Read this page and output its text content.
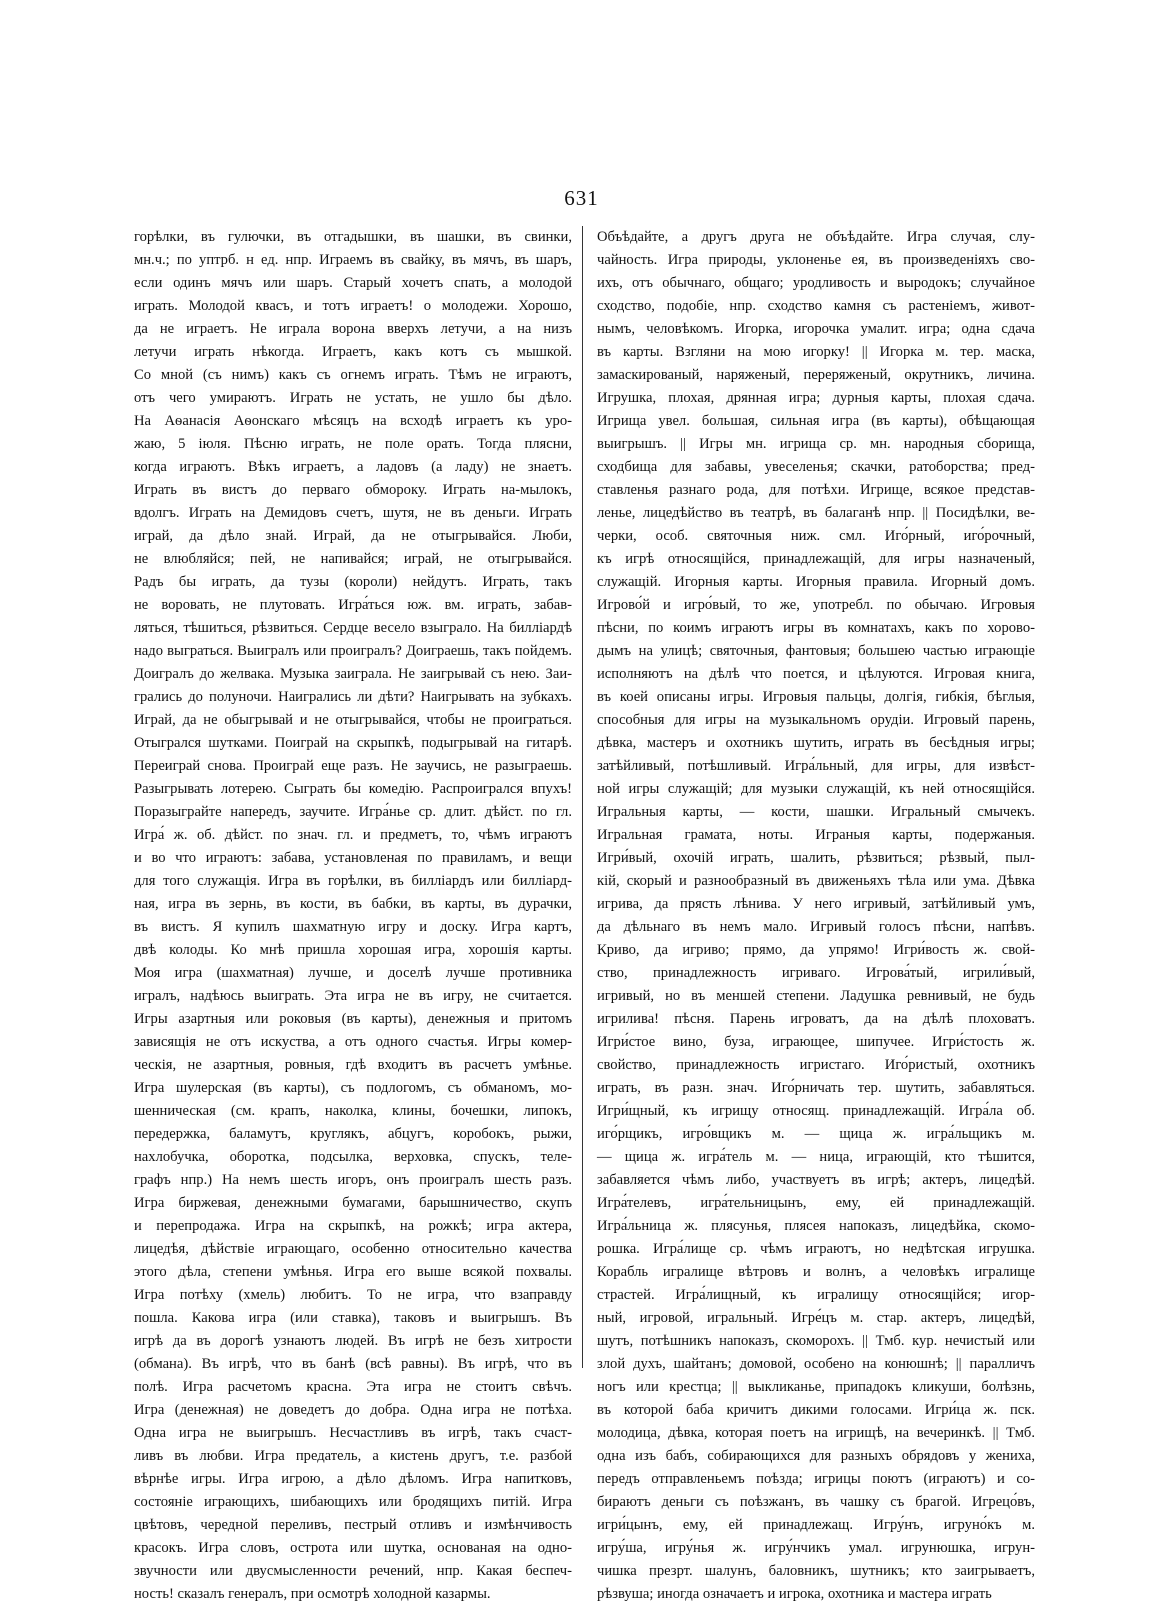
631
горѣлки, въ гулючки, въ отгадышки, въ шашки, въ свинки,
мн.ч.; по уптрб. н ед. нпр. Играемъ въ свайку, въ мячъ, въ шаръ,
если одинъ мячъ или шаръ. Старый хочетъ спать, а молодой
играть. Молодой квасъ, и тотъ играетъ! о молодежи. Хорошо,
да не играетъ. Не играла ворона вверхъ летучи, а на низъ
летучи играть нѣкогда. Играетъ, какъ котъ съ мышкой.
Со мной (съ нимъ) какъ съ огнемъ играть. Тѣмъ не играютъ,
отъ чего умираютъ. Играть не устать, не ушло бы дѣло.
На Аѳанасія Аѳонскаго мѣсяцъ на всходѣ играетъ къ уро-
жаю, 5 іюля. Пѣсню играть, не поле орать. Тогда плясни,
когда играютъ. Вѣкъ играетъ, а ладовъ (а ладу) не знаетъ.
Играть въ вистъ до перваго обмороку. Играть на-мылокъ,
вдолгъ. Играть на Демидовъ счетъ, шутя, не въ деньги. Играть
играй, да дѣло знай. Играй, да не отыгрывайся. Люби,
не влюбляйся; пей, не напивайся; играй, не отыгрывайся.
Радъ бы играть, да тузы (короли) нейдутъ. Играть, такъ
не воровать, не плутовать. Игра́ться юж. вм. играть, забав-
ляться, тѣшиться, рѣзвиться. Сердце весело взыграло. На билліардѣ
надо выграться. Выигралъ или проигралъ? Доиграешь, такъ пойдемъ.
Доигралъ до желвака. Музыка заиграла. Не заигрывай съ нею. Заи-
грались до полуночи. Наигрались ли дѣти? Наигрывать на зубкахъ.
Играй, да не обыгрывай и не отыгрывайся, чтобы не проиграться.
Отыгрался шутками. Поиграй на скрыпкѣ, подыгрывай на гитарѣ.
Переиграй снова. Проиграй еще разъ. Не заучись, не разыграешь.
Разыгрывать лотерею. Сыграть бы комедію. Распроигрался впухъ!
Поразыграйте напередъ, заучите. Игра́нье ср. длит. дѣйст. по гл.
Игра́ ж. об. дѣйст. по знач. гл. и предметъ, то, чѣмъ играютъ
и во что играютъ: забава, установленая по правиламъ, и вещи
для того служащія. Игра въ горѣлки, въ билліардъ или билліард-
ная, игра въ зернь, въ кости, въ бабки, въ карты, въ дурачки,
въ вистъ. Я купилъ шахматную игру и доску. Игра картъ,
двѣ колоды. Ко мнѣ пришла хорошая игра, хорошія карты.
Моя игра (шахматная) лучше, и доселѣ лучше противника
игралъ, надѣюсь выиграть. Эта игра не въ игру, не считается.
Игры азартныя или роковыя (въ карты), денежныя и притомъ
зависящія не отъ искуства, а отъ одного счастья. Игры комер-
ческія, не азартныя, ровныя, гдѣ входитъ въ расчетъ умѣнье.
Игра шулерская (въ карты), съ подлогомъ, съ обманомъ, мо-
шенническая (см. крапъ, наколка, клины, бочешки, липокъ,
передержка, баламутъ, круглякъ, абцугъ, коробокъ, рыжи,
нахлобучка, оборотка, подсылка, верховка, спускъ, теле-
графъ нпр.) На немъ шесть игоръ, онъ проигралъ шесть разъ.
Игра биржевая, денежными бумагами, барышничество, скупъ
и перепродажа. Игра на скрыпкѣ, на рожкѣ; игра актера,
лицедѣя, дѣйствіе играющаго, особенно относительно качества
этого дѣла, степени умѣнья. Игра его выше всякой похвалы.
Игра потѣху (хмель) любитъ. То не игра, что взаправду
пошла. Какова игра (или ставка), таковъ и выигрышъ. Въ
игрѣ да въ дорогѣ узнаютъ людей. Въ игрѣ не безъ хитрости
(обмана). Въ игрѣ, что въ банѣ (всѣ равны). Въ игрѣ, что въ
полѣ. Игра расчетомъ красна. Эта игра не стоитъ свѣчъ.
Игра (денежная) не доведетъ до добра. Одна игра не потѣха.
Одна игра не выигрышъ. Несчастливъ въ игрѣ, такъ счаст-
ливъ въ любви. Игра предатель, а кистень другъ, т.е. разбой
вѣрнѣе игры. Игра игрою, а дѣло дѣломъ. Игра напитковъ,
состояніе играющихъ, шибающихъ или бродящихъ питій. Игра
цвѣтовъ, чередной переливъ, пестрый отливъ и измѣнчивость
красокъ. Игра словъ, острота или шутка, основаная на одно-
звучности или двусмысленности речений, нпр. Какая беспеч-
ность! сказалъ генералъ, при осмотрѣ холодной казармы.
Объѣдайте, а другъ друга не объѣдайте. Игра случая, слу-
чайность. Игра природы, уклоненье ея, въ произведеніяхъ сво-
ихъ, отъ обычнаго, общаго; уродливость и выродокъ; случайное
сходство, подобіе, нпр. сходство камня съ растеніемъ, живот-
нымъ, человѣкомъ. Игорка, игорочка умалит. игра; одна сдача
въ карты. Взгляни на мою игорку! || Игорка м. тер. маска,
замаскированый, наряженый, переряженый, окрутникъ, личина.
Игрушка, плохая, дрянная игра; дурныя карты, плохая сдача.
Игрища увел. большая, сильная игра (въ карты), обѣщающая
выигрышъ. || Игры мн. игрища ср. мн. народныя сборища,
сходбища для забавы, увеселенья; скачки, ратоборства; пред-
ставленья разнаго рода, для потѣхи. Игрище, всякое представ-
ленье, лицедѣйство въ театрѣ, въ балаганѣ нпр. || Посидѣлки, ве-
черки, особ. святочныя ниж. смл. Иго́рный, иго́рочный,
къ игрѣ относящійся, принадлежащій, для игры назначеный,
служащій. Игорныя карты. Игорныя правила. Игорный домъ.
Игрово́й и игро́вый, то же, употребл. по обычаю. Игровыя
пѣсни, по коимъ играютъ игры въ комнатахъ, какъ по хорово-
дымъ на улицѣ; святочныя, фантовыя; большею частью играющіе
исполняютъ на дѣлѣ что поется, и цѣлуются. Игровая книга,
въ коей описаны игры. Игровыя пальцы, долгія, гибкія, бѣглыя,
способныя для игры на музыкальномъ орудіи. Игровый парень,
дѣвка, мастеръ и охотникъ шутить, играть въ бесѣдныя игры;
затѣйливый, потѣшливый. Игра́льный, для игры, для извѣст-
ной игры служащій; для музыки служащій, къ ней относящійся.
Игральныя карты, — кости, шашки. Игральный смычекъ.
Игральная грамата, ноты. Играныя карты, подержаныя.
Игри́вый, охочій играть, шалить, рѣзвиться; рѣзвый, пыл-
кій, скорый и разнообразный въ движеньяхъ тѣла или ума. Дѣвка
игрива, да прясть лѣнива. У него игривый, затѣйливый умъ,
да дѣльнаго въ немъ мало. Игривый голосъ пѣсни, напѣвъ.
Криво, да игриво; прямо, да упрямо! Игри́вость ж. свой-
ство, принадлежность игриваго. Игрова́тый, игрили́вый,
игривый, но въ меншей степени. Ладушка ревнивый, не будь
игрилива! пѣсня. Парень игроватъ, да на дѣлѣ плоховатъ.
Игри́стое вино, буза, играющее, шипучее. Игри́стость ж.
свойство, принадлежность игристаго. Иго́ристый, охотникъ
играть, въ разн. знач. Иго́рничать тер. шутить, забавляться.
Игри́щный, къ игрищу относящ. принадлежащій. Игра́ла об.
иго́рщикъ, игро́вщикъ м. — щица ж. игра́льщикъ м.
— щица ж. игра́тель м. — ница, играющій, кто тѣшится,
забавляется чѣмъ либо, участвуетъ въ игрѣ; актеръ, лицедѣй.
Игра́телевъ, игра́тельницынъ, ему, ей принадлежащій.
Игра́льница ж. плясунья, плясея напоказъ, лицедѣйка, скомо-
рошка. Игра́лище ср. чѣмъ играютъ, но недѣтская игрушка.
Корабль игралище вѣтровъ и волнъ, а человѣкъ игралище
страстей. Игра́лищный, къ игралищу относящійся; игор-
ный, игровой, игральный. Игре́цъ м. стар. актеръ, лицедѣй,
шутъ, потѣшникъ напоказъ, скоморохъ. || Тмб. кур. нечистый или
злой духъ, шайтанъ; домовой, особено на конюшнѣ; || паралличъ
ногъ или крестца; || выкликанье, припадокъ кликуши, болѣзнь,
въ которой баба кричитъ дикими голосами. Игри́ца ж. пск.
молодица, дѣвка, которая поетъ на игрищѣ, на вечеринкѣ. || Тмб.
одна изъ бабъ, собирающихся для разныхъ обрядовъ у жениха,
передъ отправленьемъ поѣзда; игрицы поютъ (играютъ) и со-
бираютъ деньги съ поѣзжанъ, въ чашку съ брагой. Игрецо́въ,
игри́цынъ, ему, ей принадлежащ. Игру́нъ, игруно́къ м.
игру́ша, игру́нья ж. игру́нчикъ умал. игрунюшка, игрун-
чишка презрт. шалунъ, баловникъ, шутникъ; кто заигрываетъ,
рѣзвуша; иногда означаетъ и игрока, охотника и мастера играть
